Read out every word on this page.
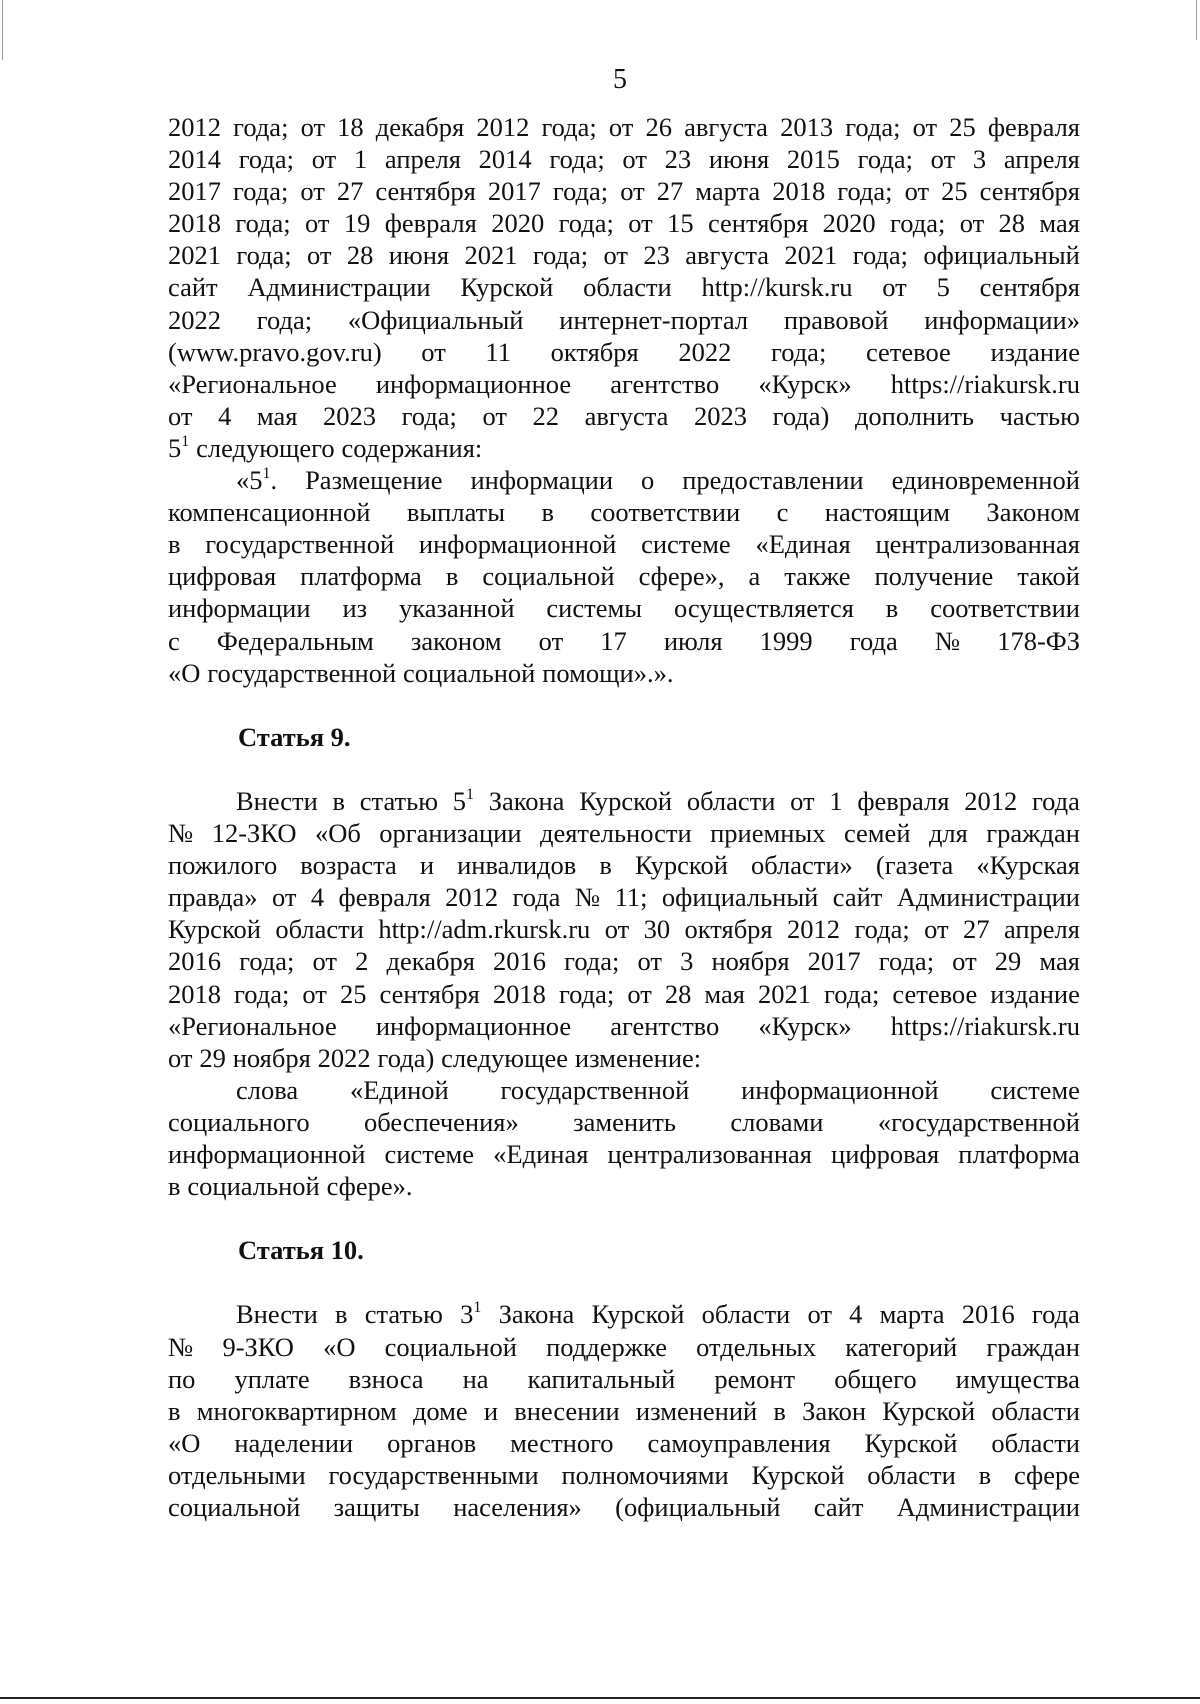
5
2012 года; от 18 декабря 2012 года; от 26 августа 2013 года; от 25 февраля
2014 года; от 1 апреля 2014 года; от 23 июня 2015 года; от 3 апреля
2017 года; от 27 сентября 2017 года; от 27 марта 2018 года; от 25 сентября
2018 года; от 19 февраля 2020 года; от 15 сентября 2020 года; от 28 мая
2021 года; от 28 июня 2021 года; от 23 августа 2021 года; официальный
сайт Администрации Курской области http://kursk.ru от 5 сентября
2022 года; «Официальный интернет-портал правовой информации»
(www.pravo.gov.ru) от 11 октября 2022 года; сетевое издание
«Региональное информационное агентство «Курск» https://riakursk.ru
от 4 мая 2023 года; от 22 августа 2023 года) дополнить частью
$5^1$ следующего содержания:
«$5^1$. Размещение информации о предоставлении единовременной
компенсационной выплаты в соответствии с настоящим Законом
в государственной информационной системе «Единая централизованная
цифровая платформа в социальной сфере», а также получение такой
информации из указанной системы осуществляется в соответствии
с Федеральным законом от 17 июля 1999 года № 178-ФЗ
«О государственной социальной помощи».».
Статья 9.
Внести в статью $5^1$ Закона Курской области от 1 февраля 2012 года
№ 12-ЗКО «Об организации деятельности приемных семей для граждан
пожилого возраста и инвалидов в Курской области» (газета «Курская
правда» от 4 февраля 2012 года № 11; официальный сайт Администрации
Курской области http://adm.rkursk.ru от 30 октября 2012 года; от 27 апреля
2016 года; от 2 декабря 2016 года; от 3 ноября 2017 года; от 29 мая
2018 года; от 25 сентября 2018 года; от 28 мая 2021 года; сетевое издание
«Региональное информационное агентство «Курск» https://riakursk.ru
от 29 ноября 2022 года) следующее изменение:
слова «Единой государственной информационной системе
социального обеспечения» заменить словами «государственной
информационной системе «Единая централизованная цифровая платформа
в социальной сфере».
Статья 10.
Внести в статью $3^1$ Закона Курской области от 4 марта 2016 года
№ 9-ЗКО «О социальной поддержке отдельных категорий граждан
по уплате взноса на капитальный ремонт общего имущества
в многоквартирном доме и внесении изменений в Закон Курской области
«О наделении органов местного самоуправления Курской области
отдельными государственными полномочиями Курской области в сфере
социальной защиты населения» (официальный сайт Администрации
